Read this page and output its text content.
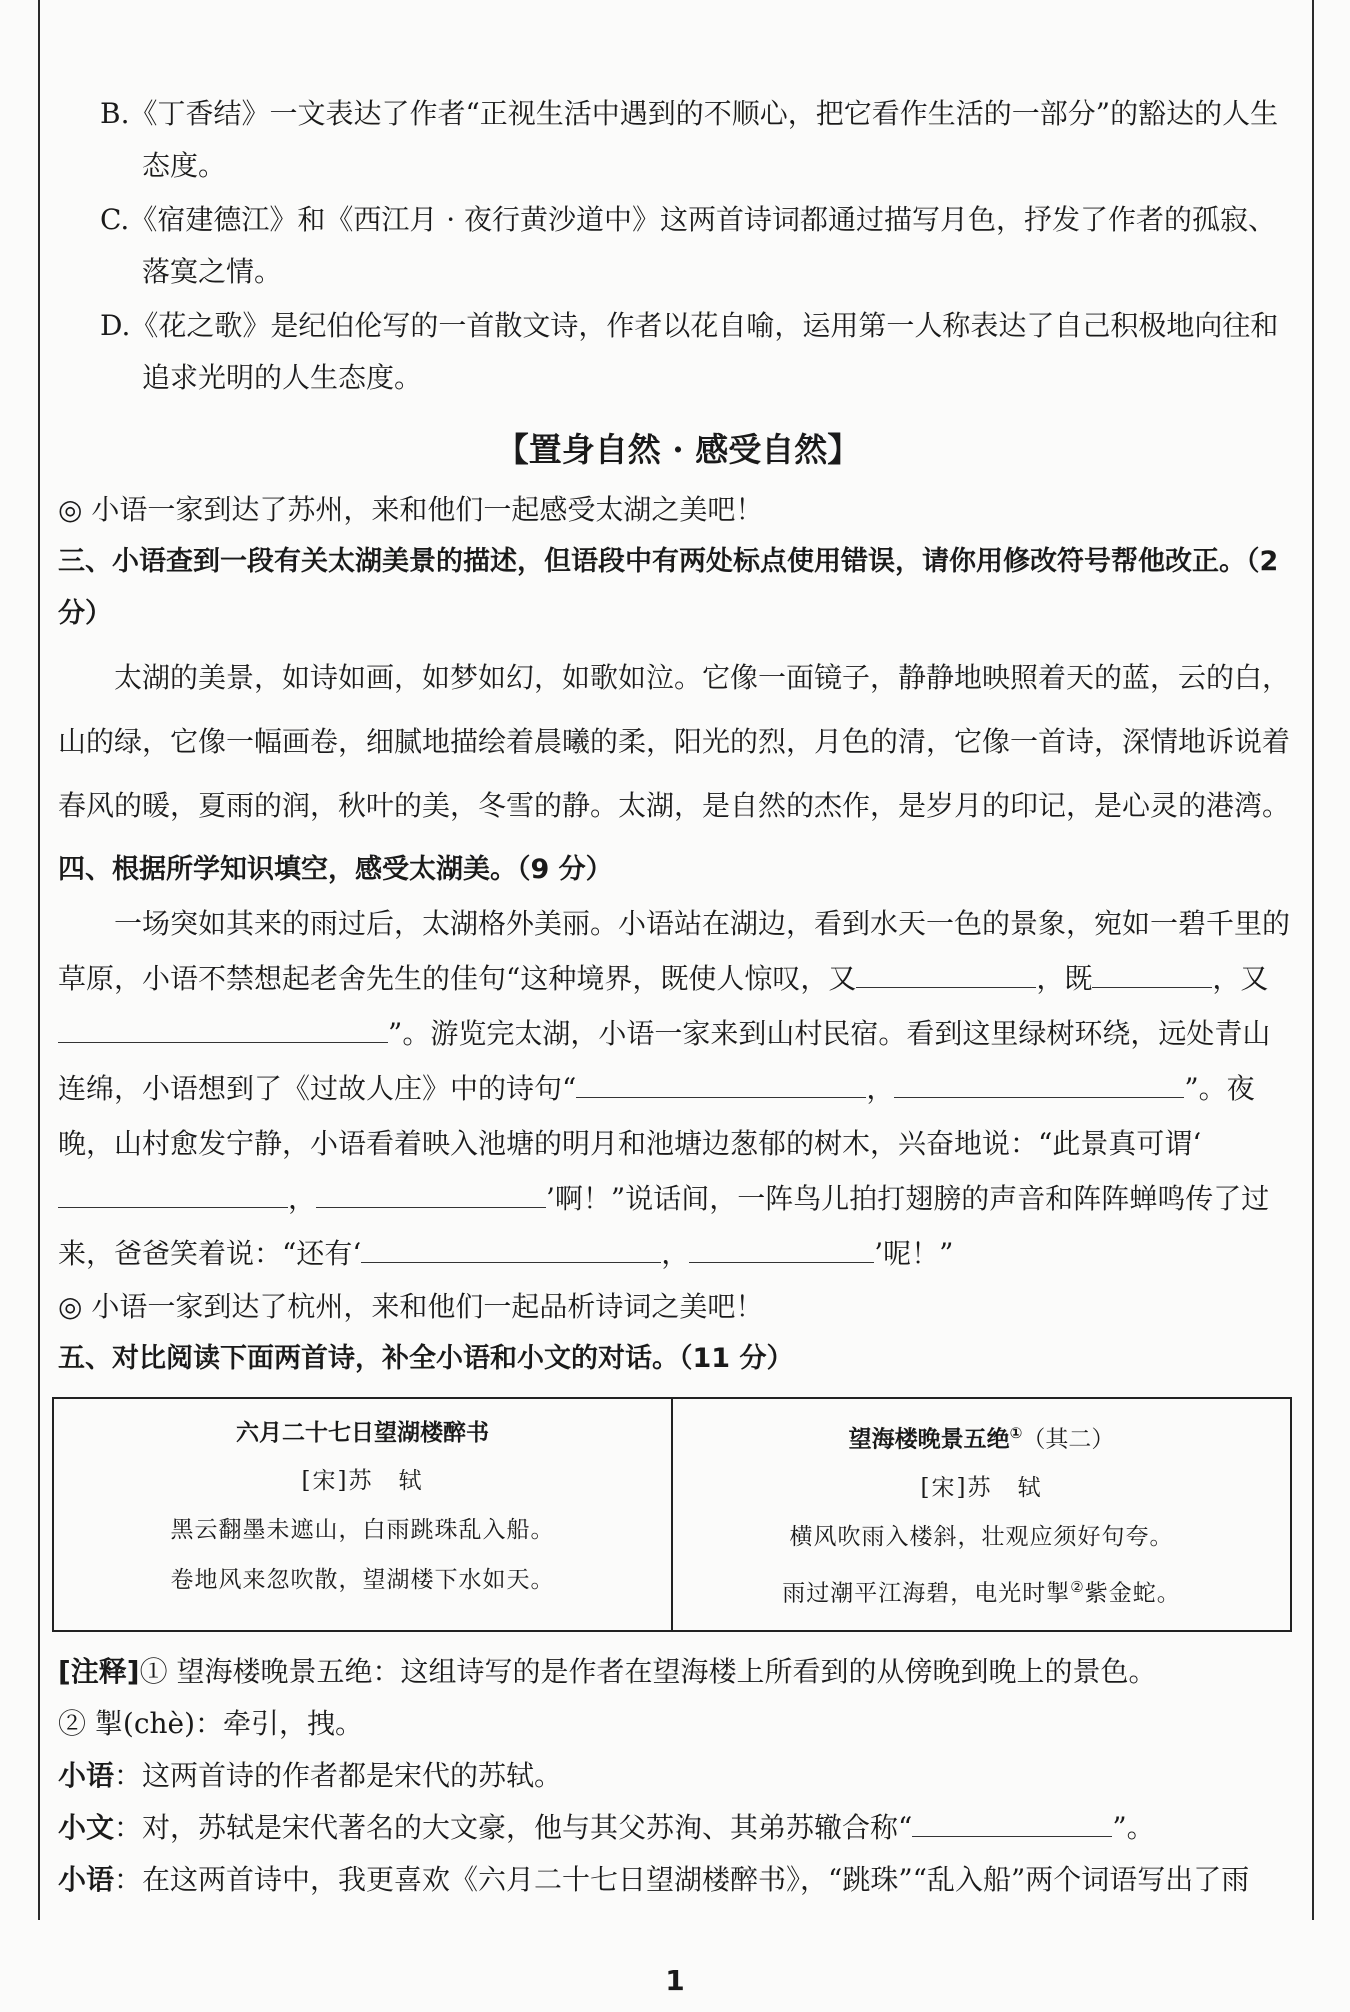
B.《丁香结》一文表达了作者“正视生活中遇到的不顺心，把它看作生活的一部分”的豁达的人生态度。

C.《宿建德江》和《西江月 · 夜行黄沙道中》这两首诗词都通过描写月色，抒发了作者的孤寂、落寞之情。

D.《花之歌》是纪伯伦写的一首散文诗，作者以花自喻，运用第一人称表达了自己积极地向往和追求光明的人生态度。

【置身自然 · 感受自然】

◎ 小语一家到达了苏州，来和他们一起感受太湖之美吧！

三、小语查到一段有关太湖美景的描述，但语段中有两处标点使用错误，请你用修改符号帮他改正。（2 分）

太湖的美景，如诗如画，如梦如幻，如歌如泣。它像一面镜子，静静地映照着天的蓝，云的白，山的绿，它像一幅画卷，细腻地描绘着晨曦的柔，阳光的烈，月色的清，它像一首诗，深情地诉说着春风的暖，夏雨的润，秋叶的美，冬雪的静。太湖，是自然的杰作，是岁月的印记，是心灵的港湾。

四、根据所学知识填空，感受太湖美。（9 分）

一场突如其来的雨过后，太湖格外美丽。小语站在湖边，看到水天一色的景象，宛如一碧千里的草原，小语不禁想起老舍先生的佳句“这种境界，既使人惊叹，又	，既	，又”。游览完太湖，小语一家来到山村民宿。看到这里绿树环绕，远处青山连绵，小语想到了《过故人庄》中的诗句“	，	”。夜晚，山村愈发宁静，小语看着映入池塘的明月和池塘边葱郁的树木，兴奋地说：“此景真可谓‘，	’啊！”说话间，一阵鸟儿拍打翅膀的声音和阵阵蝉鸣传了过来，爸爸笑着说：“还有‘	，	’呢！”

◎ 小语一家到达了杭州，来和他们一起品析诗词之美吧！

五、对比阅读下面两首诗，补全小语和小文的对话。（11 分）

六月二十七日望湖楼醉书
[宋]苏　轼
黑云翻墨未遮山，白雨跳珠乱入船。
卷地风来忽吹散，望湖楼下水如天。
望海楼晚景五绝①（其二）
[宋]苏　轼
横风吹雨入楼斜，壮观应须好句夸。
雨过潮平江海碧，电光时掣②紫金蛇。

[注释]① 望海楼晚景五绝：这组诗写的是作者在望海楼上所看到的从傍晚到晚上的景色。

② 掣(chè)：牵引，拽。

小语：这两首诗的作者都是宋代的苏轼。

小文：对，苏轼是宋代著名的大文豪，他与其父苏洵、其弟苏辙合称“	”。

小语：在这两首诗中，我更喜欢《六月二十七日望湖楼醉书》，“跳珠”“乱入船”两个词语写出了雨

1
